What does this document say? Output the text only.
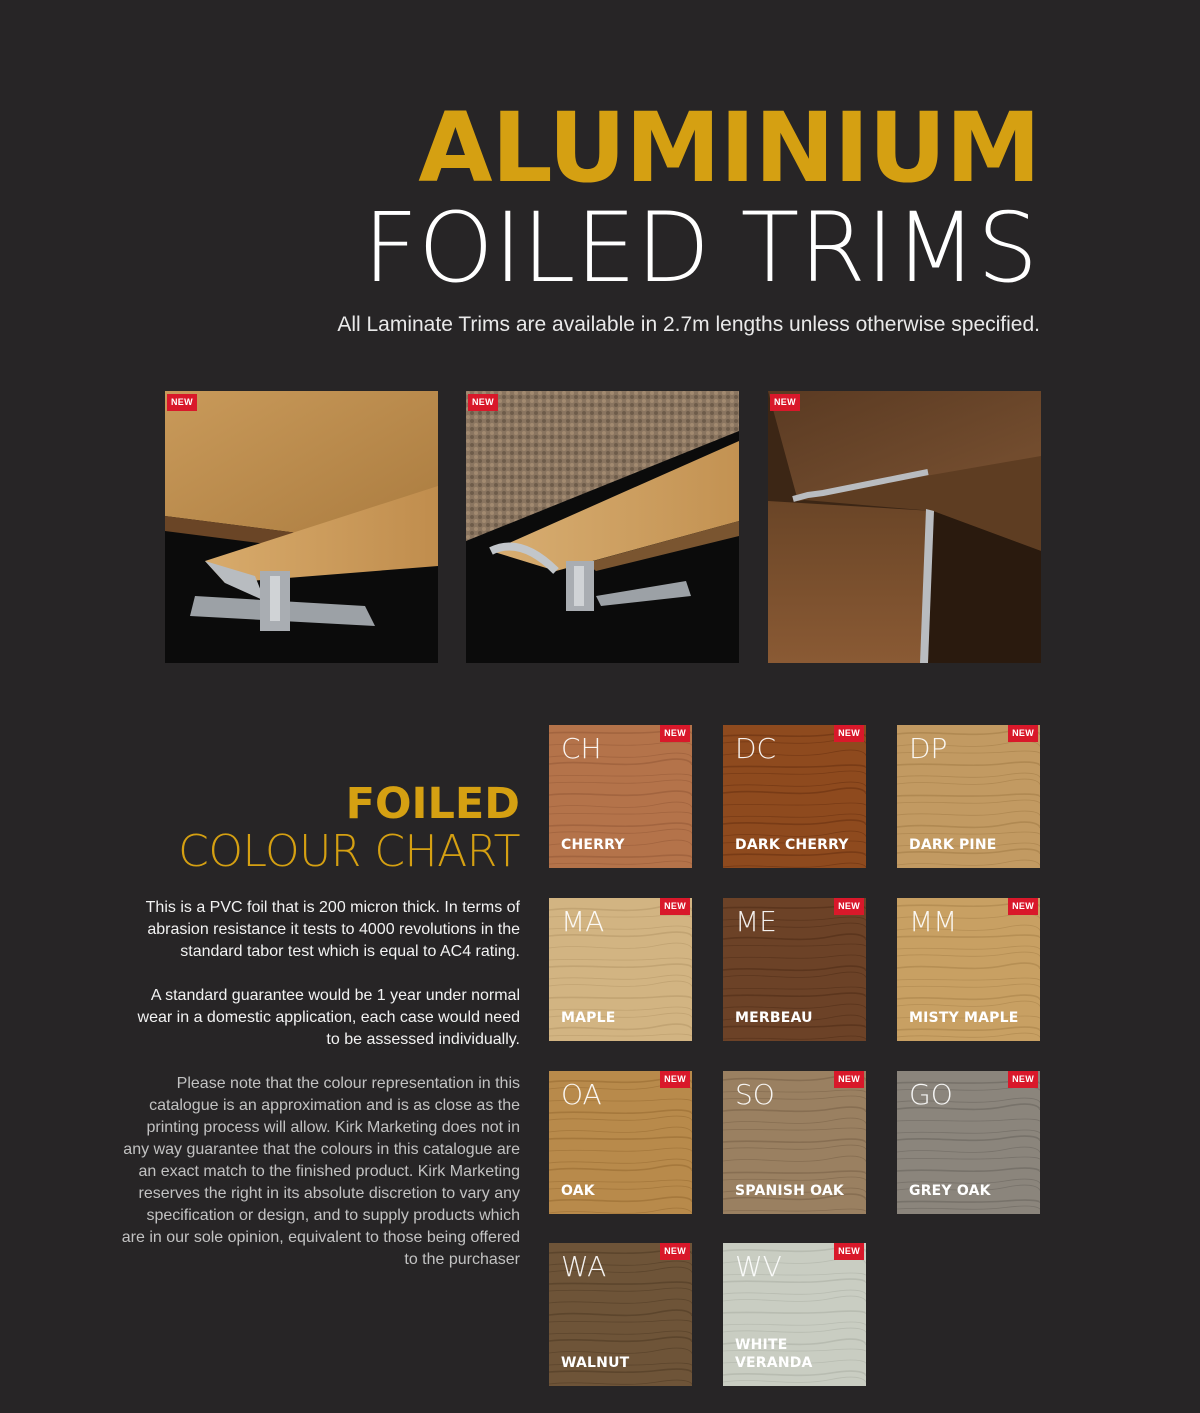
ALUMINIUM
FOILED TRIMS

All Laminate Trims are available in 2.7m lengths unless otherwise specified.

NEW	NEW	NEW

FOILED

COLOUR CHART

This is a PVC foil that is 200 micron thick. In terms of abrasion resistance it tests to 4000 revolutions in the standard tabor test which is equal to AC4 rating.

A standard guarantee would be 1 year under normal wear in a domestic application, each case would need to be assessed individually.

Please note that the colour representation in this catalogue is an approximation and is as close as the printing process will allow. Kirk Marketing does not in any way guarantee that the colours in this catalogue are an exact match to the finished product. Kirk Marketing reserves the right in its absolute discretion to vary any specification or design, and to supply products which are in our sole opinion, equivalent to those being offered to the purchaser

CH	NEW
CHERRY
DC	NEW
DARK CHERRY
DP	NEW
DARK PINE
MA	NEW
MAPLE
ME	NEW
MERBEAU
MM	NEW
MISTY MAPLE
OA	NEW
OAK
SO	NEW
SPANISH OAK
GO	NEW
GREY OAK
WA	NEW
WALNUT
WV	NEW
WHITE VERANDA
